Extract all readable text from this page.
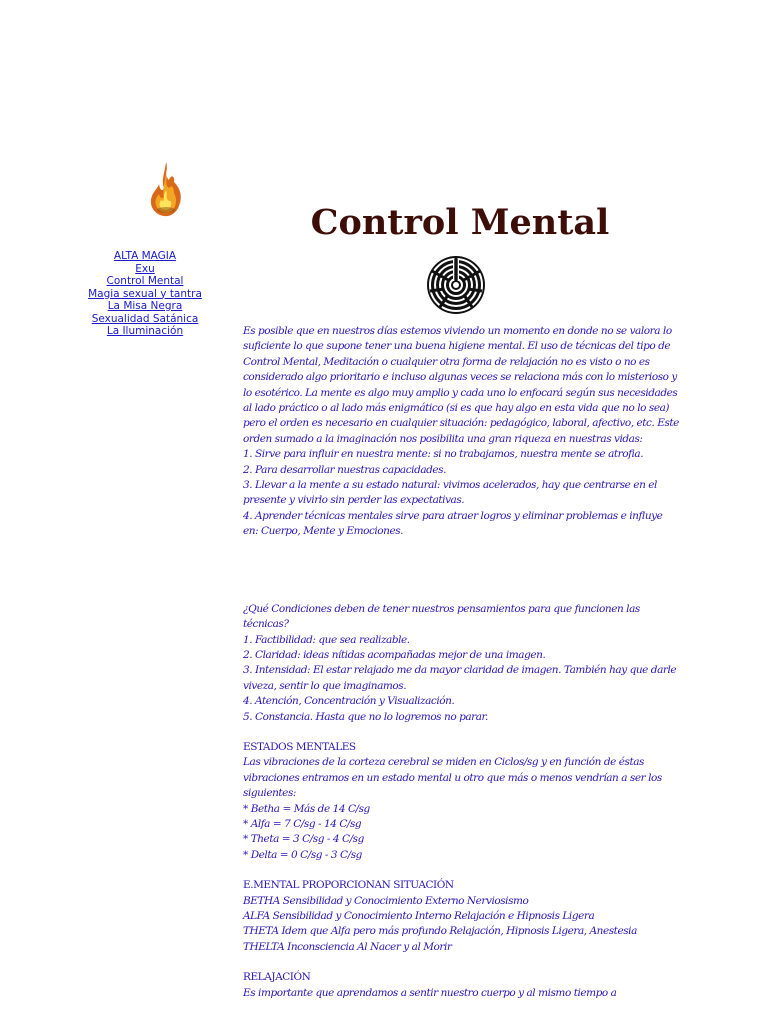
ALTA MAGIA
Exu
Control Mental
Magia sexual y tantra
La Misa Negra
Sexualidad Satánica
La Iluminación
Control Mental

Es posible que en nuestros días estemos viviendo un momento en donde no se valora lo suficiente lo que supone tener una buena higiene mental. El uso de técnicas del tipo de Control Mental, Meditación o cualquier otra forma de relajación no es visto o no es considerado algo prioritario e incluso algunas veces se relaciona más con lo misterioso y lo esotérico. La mente es algo muy amplio y cada uno lo enfocará según sus necesidades al lado práctico o al lado más enigmático (si es que hay algo en esta vida que no lo sea) pero el orden es necesario en cualquier situación: pedagógico, laboral, afectivo, etc. Este orden sumado a la imaginación nos posibilita una gran riqueza en nuestras vidas:

1. Sirve para influir en nuestra mente: si no trabajamos, nuestra mente se atrofia.
2. Para desarrollar nuestras capacidades.
3. Llevar a la mente a su estado natural: vivimos acelerados, hay que centrarse en el presente y vivirlo sin perder las expectativas.
4. Aprender técnicas mentales sirve para atraer logros y eliminar problemas e influye en: Cuerpo, Mente y Emociones.
¿Qué Condiciones deben de tener nuestros pensamientos para que funcionen las técnicas?
1. Factibilidad: que sea realizable.
2. Claridad: ideas nítidas acompañadas mejor de una imagen.
3. Intensidad: El estar relajado me da mayor claridad de imagen. También hay que darle viveza, sentir lo que imaginamos.
4. Atención, Concentración y Visualización.
5. Constancia. Hasta que no lo logremos no parar.
ESTADOS MENTALES
Las vibraciones de la corteza cerebral se miden en Ciclos/sg y en función de éstas vibraciones entramos en un estado mental u otro que más o menos vendrían a ser los siguientes:
* Betha = Más de 14 C/sg
* Alfa = 7 C/sg - 14 C/sg
* Theta = 3 C/sg - 4 C/sg
* Delta = 0 C/sg - 3 C/sg
E.MENTAL PROPORCIONAN SITUACIÓN
BETHA Sensibilidad y Conocimiento Externo Nerviosismo
ALFA Sensibilidad y Conocimiento Interno Relajación e Hipnosis Ligera
THETA Idem que Alfa pero más profundo Relajación, Hipnosis Ligera, Anestesia
THELTA Inconsciencia Al Nacer y al Morir
RELAJACIÓN
Es importante que aprendamos a sentir nuestro cuerpo y al mismo tiempo a
